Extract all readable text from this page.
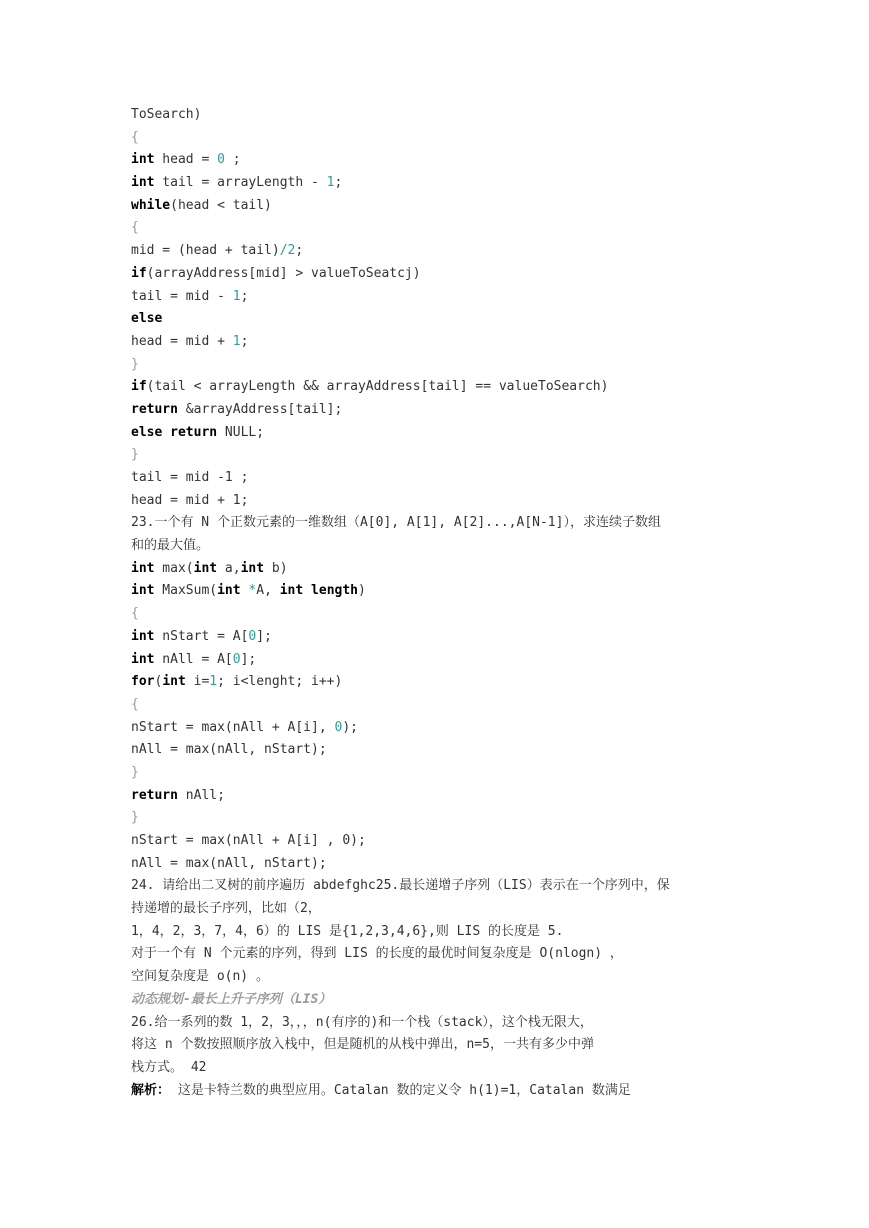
ToSearch)
{
int head = 0 ;
int tail = arrayLength - 1;
while(head < tail)
{
mid = (head + tail)/2;
if(arrayAddress[mid] > valueToSeatcj)
tail = mid - 1;
else
head = mid + 1;
}
if(tail < arrayLength && arrayAddress[tail] == valueToSearch)
return &arrayAddress[tail];
else return NULL;
}
tail = mid -1 ;
head = mid + 1;
23.一个有 N 个正数元素的一维数组（A[0], A[1], A[2]...,A[N-1]），求连续子数组
和的最大值。
int max(int a,int b)
int MaxSum(int *A, int length)
{
int nStart = A[0];
int nAll = A[0];
for(int i=1; i<lenght; i++)
{
nStart = max(nAll + A[i], 0);
nAll = max(nAll, nStart);
}
return nAll;
}
nStart = max(nAll + A[i] , 0);
nAll = max(nAll, nStart);
24. 请给出二叉树的前序遍历 abdefghc25.最长递增子序列（LIS）表示在一个序列中，保
持递增的最长子序列，比如（2，
1，4，2，3，7，4，6）的 LIS 是{1,2,3,4,6},则 LIS 的长度是 5.
对于一个有 N 个元素的序列，得到 LIS 的长度的最优时间复杂度是 O(nlogn) ，
空间复杂度是 o(n) 。
动态规划-最长上升子序列（LIS）
26.给一系列的数 1，2，3，，，n(有序的)和一个栈（stack），这个栈无限大，
将这 n 个数按照顺序放入栈中，但是随机的从栈中弹出，n=5，一共有多少中弹
栈方式。 42
解析： 这是卡特兰数的典型应用。Catalan 数的定义令 h(1)=1，Catalan 数满足
